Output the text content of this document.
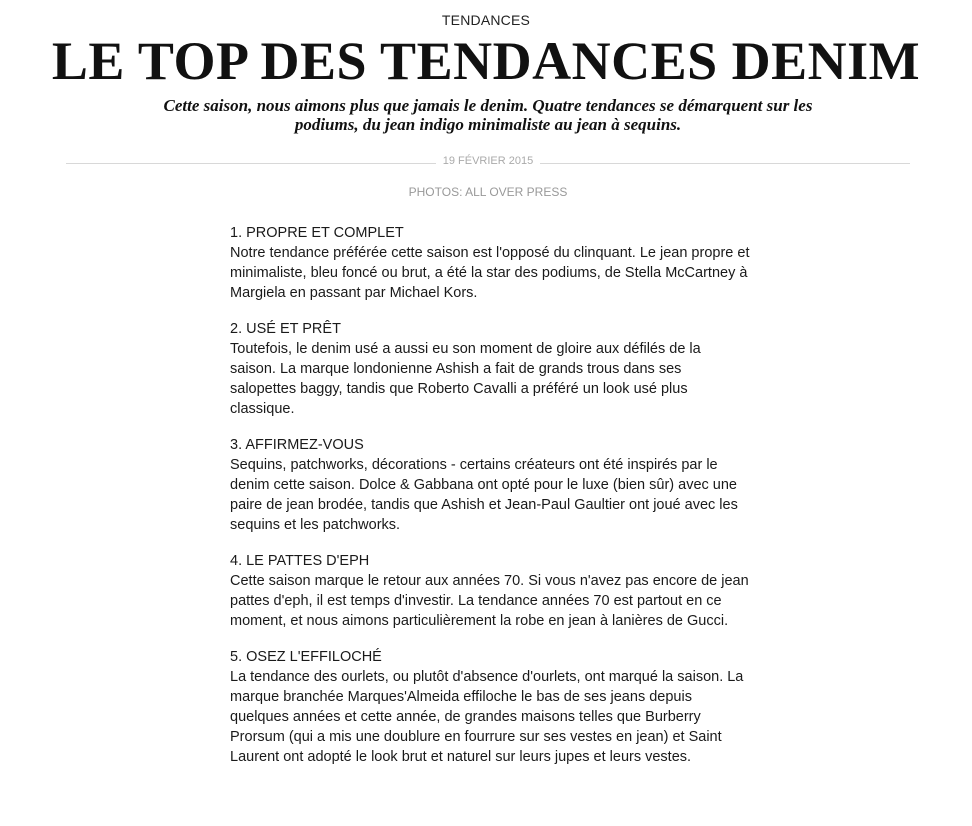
TENDANCES
LE TOP DES TENDANCES DENIM
Cette saison, nous aimons plus que jamais le denim. Quatre tendances se démarquent sur les podiums, du jean indigo minimaliste au jean à sequins.
19 FÉVRIER 2015
PHOTOS: ALL OVER PRESS
1. PROPRE ET COMPLET
Notre tendance préférée cette saison est l'opposé du clinquant. Le jean propre et minimaliste, bleu foncé ou brut, a été la star des podiums, de Stella McCartney à Margiela en passant par Michael Kors.
2. USÉ ET PRÊT
Toutefois, le denim usé a aussi eu son moment de gloire aux défilés de la saison. La marque londonienne Ashish a fait de grands trous dans ses salopettes baggy, tandis que Roberto Cavalli a préféré un look usé plus classique.
3. AFFIRMEZ-VOUS
Sequins, patchworks, décorations - certains créateurs ont été inspirés par le denim cette saison. Dolce & Gabbana ont opté pour le luxe (bien sûr) avec une paire de jean brodée, tandis que Ashish et Jean-Paul Gaultier ont joué avec les sequins et les patchworks.
4. LE PATTES D'EPH
Cette saison marque le retour aux années 70. Si vous n'avez pas encore de jean pattes d'eph, il est temps d'investir. La tendance années 70 est partout en ce moment, et nous aimons particulièrement la robe en jean à lanières de Gucci.
5. OSEZ L'EFFILOCHÉ
La tendance des ourlets, ou plutôt d'absence d'ourlets, ont marqué la saison. La marque branchée Marques'Almeida effiloche le bas de ses jeans depuis quelques années et cette année, de grandes maisons telles que Burberry Prorsum (qui a mis une doublure en fourrure sur ses vestes en jean) et Saint Laurent ont adopté le look brut et naturel sur leurs jupes et leurs vestes.
